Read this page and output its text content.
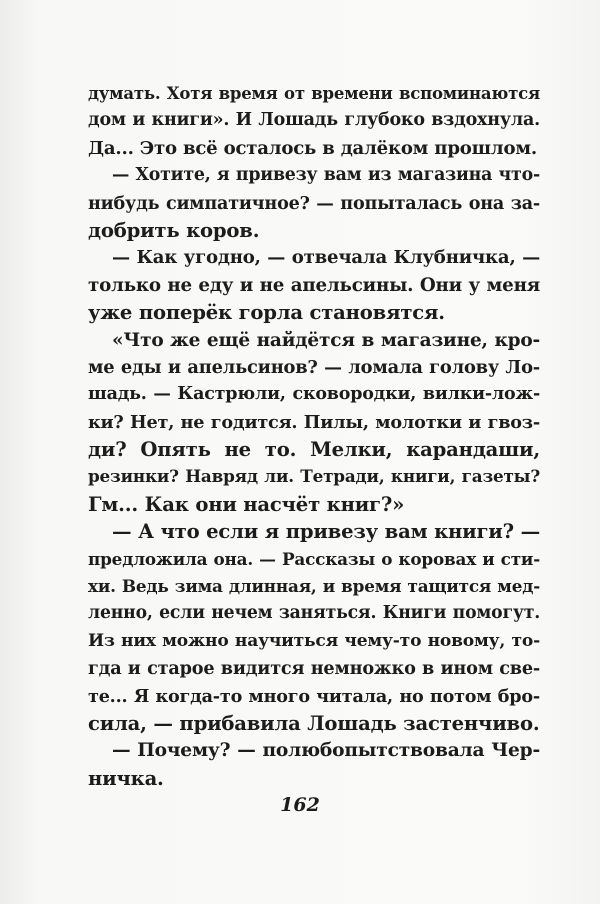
думать. Хотя время от времени вспоминаются
дом и книги». И Лошадь глубоко вздохнула.
Да... Это всё осталось в далёком прошлом.
— Хотите, я привезу вам из магазина что-
нибудь симпатичное? — попыталась она за-
добрить коров.
— Как угодно, — отвечала Клубничка, —
только не еду и не апельсины. Они у меня
уже поперёк горла становятся.
«Что же ещё найдётся в магазине, кро-
ме еды и апельсинов? — ломала голову Ло-
шадь. — Кастрюли, сковородки, вилки-лож-
ки? Нет, не годится. Пилы, молотки и гвоз-
ди? Опять не то. Мелки, карандаши,
резинки? Навряд ли. Тетради, книги, газеты?
Гм... Как они насчёт книг?»
— А что если я привезу вам книги? —
предложила она. — Рассказы о коровах и сти-
хи. Ведь зима длинная, и время тащится мед-
ленно, если нечем заняться. Книги помогут.
Из них можно научиться чему-то новому, то-
гда и старое видится немножко в ином све-
те... Я когда-то много читала, но потом бро-
сила, — прибавила Лошадь застенчиво.
— Почему? — полюбопытствовала Чер-
ничка.
162
